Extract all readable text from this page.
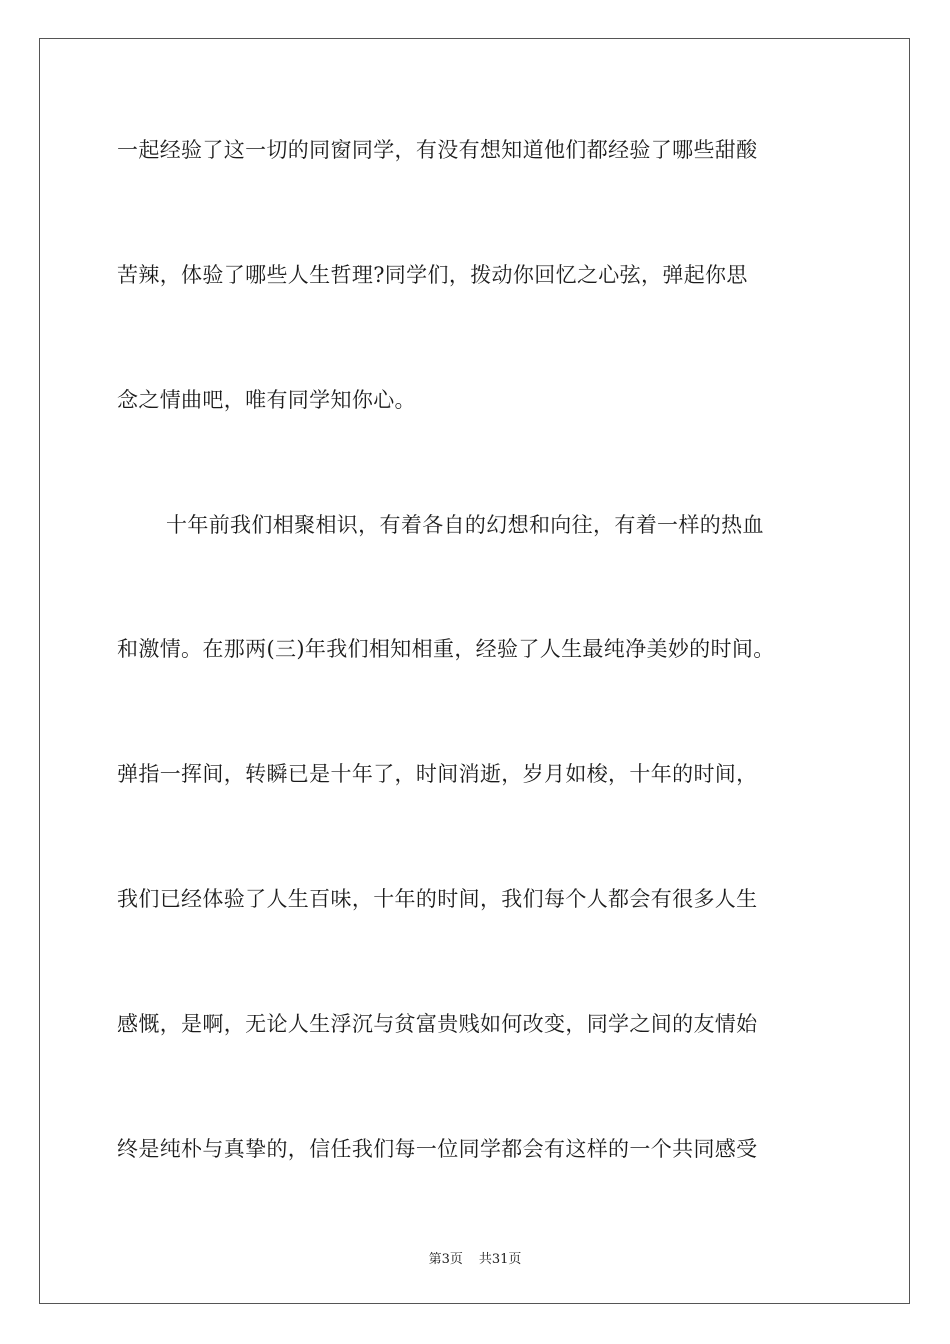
一起经验了这一切的同窗同学，有没有想知道他们都经验了哪些甜酸
苦辣，体验了哪些人生哲理?同学们，拨动你回忆之心弦，弹起你思
念之情曲吧，唯有同学知你心。
十年前我们相聚相识，有着各自的幻想和向往，有着一样的热血
和激情。在那两(三)年我们相知相重，经验了人生最纯净美妙的时间。
弹指一挥间，转瞬已是十年了，时间消逝，岁月如梭，十年的时间，
我们已经体验了人生百味，十年的时间，我们每个人都会有很多人生
感慨，是啊，无论人生浮沉与贫富贵贱如何改变，同学之间的友情始
终是纯朴与真挚的，信任我们每一位同学都会有这样的一个共同感受
第3页 共31页
